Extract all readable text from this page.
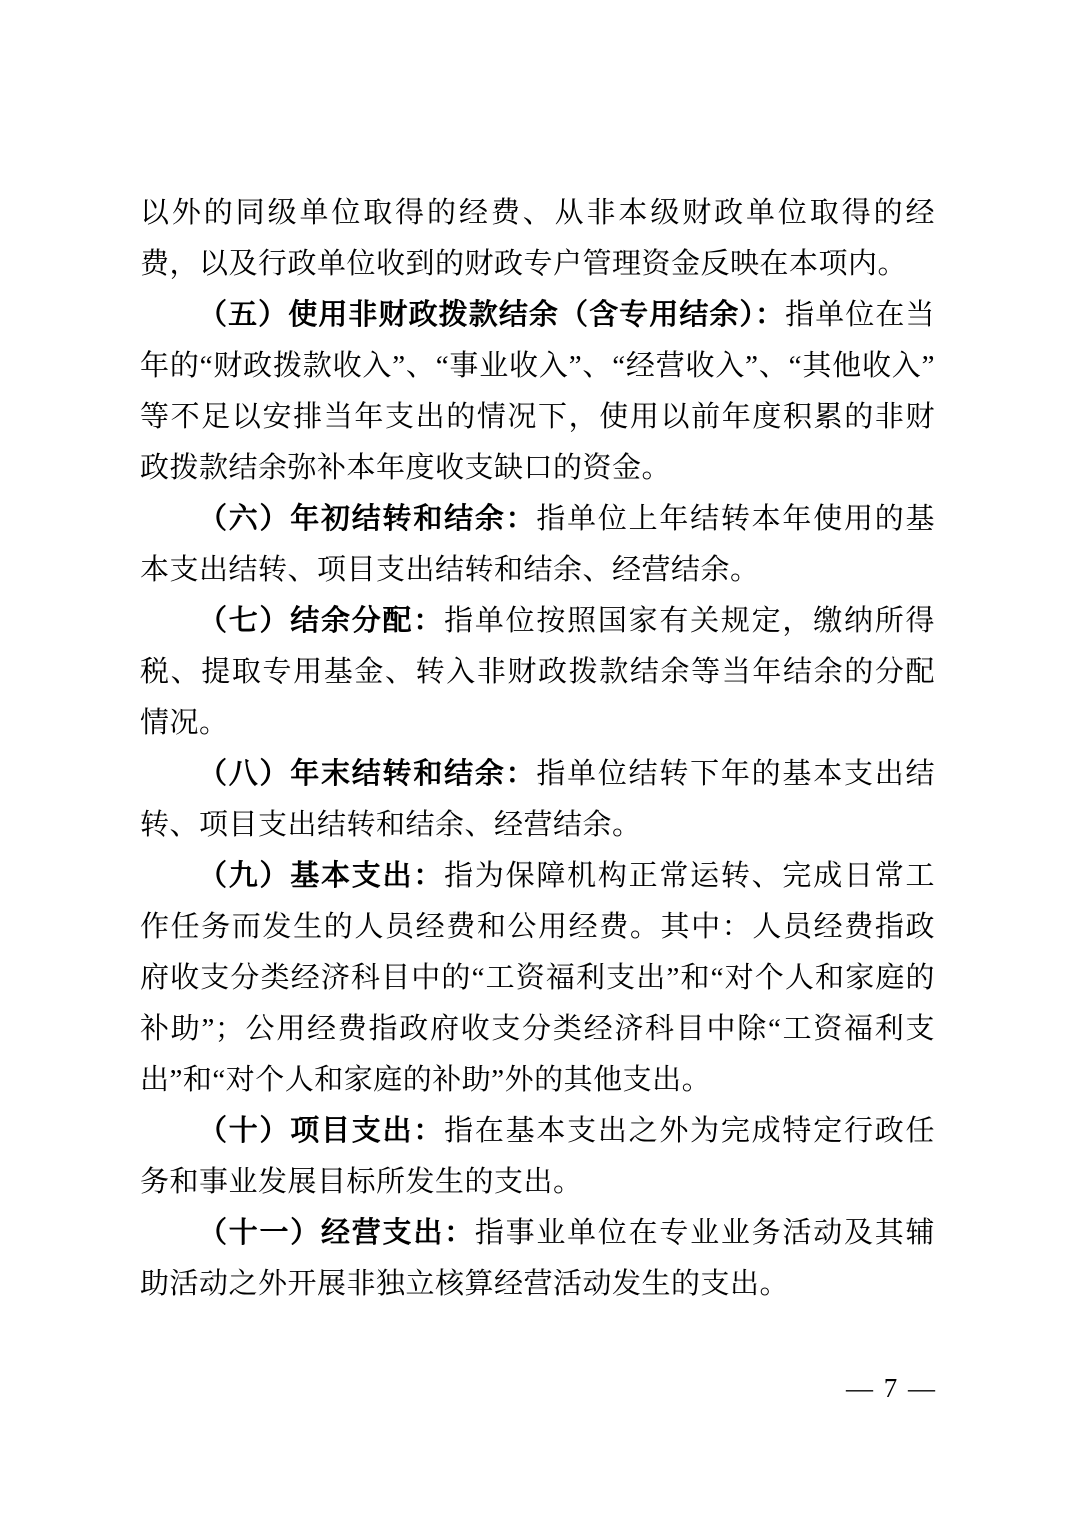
以外的同级单位取得的经费、从非本级财政单位取得的经费，以及行政单位收到的财政专户管理资金反映在本项内。
（五）使用非财政拨款结余（含专用结余）：指单位在当年的“财政拨款收入”、“事业收入”、“经营收入”、“其他收入”等不足以安排当年支出的情况下，使用以前年度积累的非财政拨款结余弥补本年度收支缺口的资金。
（六）年初结转和结余：指单位上年结转本年使用的基本支出结转、项目支出结转和结余、经营结余。
（七）结余分配：指单位按照国家有关规定，缴纳所得税、提取专用基金、转入非财政拨款结余等当年结余的分配情况。
（八）年末结转和结余：指单位结转下年的基本支出结转、项目支出结转和结余、经营结余。
（九）基本支出：指为保障机构正常运转、完成日常工作任务而发生的人员经费和公用经费。其中：人员经费指政府收支分类经济科目中的“工资福利支出”和“对个人和家庭的补助”；公用经费指政府收支分类经济科目中除“工资福利支出”和“对个人和家庭的补助”外的其他支出。
（十）项目支出：指在基本支出之外为完成特定行政任务和事业发展目标所发生的支出。
（十一）经营支出：指事业单位在专业业务活动及其辅助活动之外开展非独立核算经营活动发生的支出。
— 7 —
